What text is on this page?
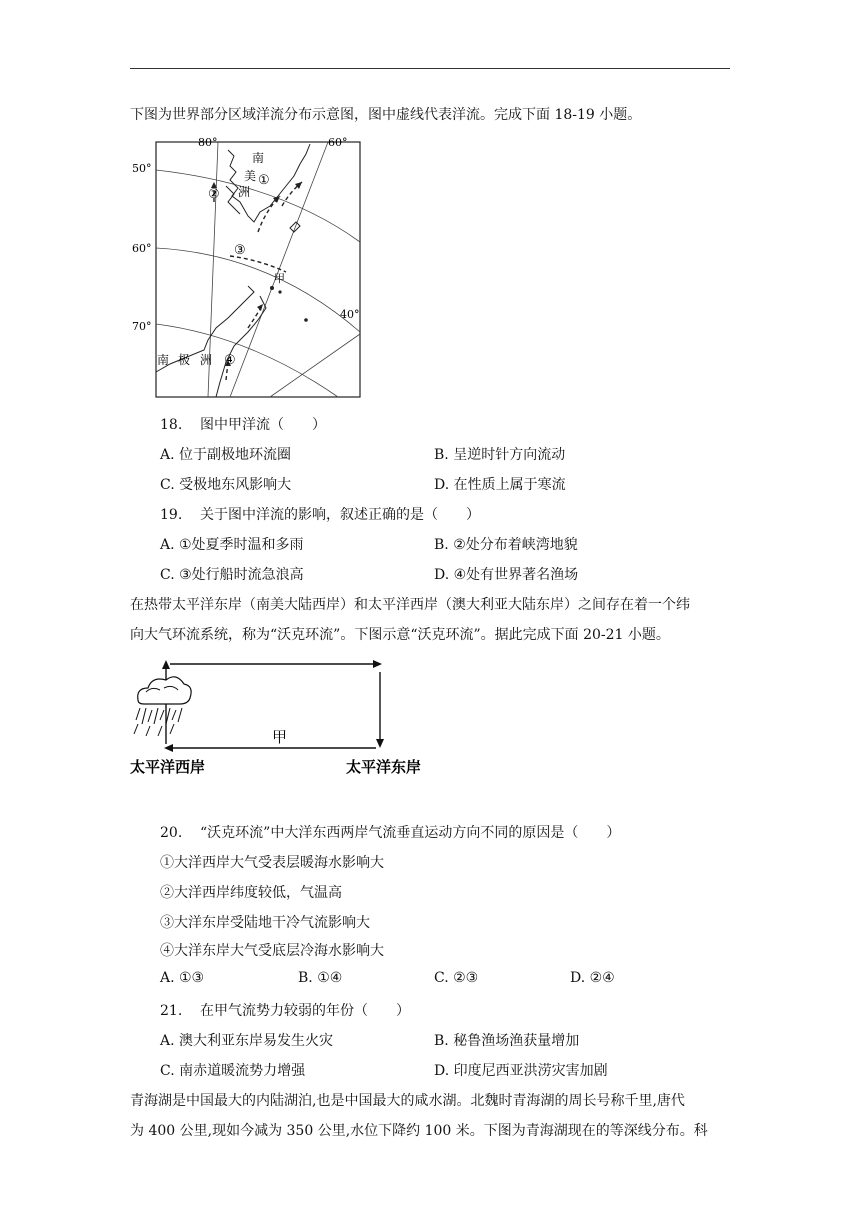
下图为世界部分区域洋流分布示意图，图中虚线代表洋流。完成下面 18-19 小题。
80°	60°
40°
50°
60°
70°
南
美
洲
南 极 洲
①
②
③
④
甲
18. 图中甲洋流（　　）
A. 位于副极地环流圈	B. 呈逆时针方向流动
C. 受极地东风影响大	D. 在性质上属于寒流
19. 关于图中洋流的影响，叙述正确的是（　　）
A. ①处夏季时温和多雨	B. ②处分布着峡湾地貌
C. ③处行船时流急浪高	D. ④处有世界著名渔场
在热带太平洋东岸（南美大陆西岸）和太平洋西岸（澳大利亚大陆东岸）之间存在着一个纬
向大气环流系统，称为“沃克环流”。下图示意“沃克环流”。据此完成下面 20-21 小题。
甲
太平洋西岸	太平洋东岸
20. “沃克环流”中大洋东西两岸气流垂直运动方向不同的原因是（　　）
①大洋西岸大气受表层暖海水影响大
②大洋西岸纬度较低，气温高
③大洋东岸受陆地干冷气流影响大
④大洋东岸大气受底层冷海水影响大
A. ①③	B. ①④	C. ②③	D. ②④
21. 在甲气流势力较弱的年份（　　）
A. 澳大利亚东岸易发生火灾	B. 秘鲁渔场渔获量增加
C. 南赤道暖流势力增强	D. 印度尼西亚洪涝灾害加剧
青海湖是中国最大的内陆湖泊,也是中国最大的咸水湖。北魏时青海湖的周长号称千里,唐代
为 400 公里,现如今减为 350 公里,水位下降约 100 米。下图为青海湖现在的等深线分布。科
